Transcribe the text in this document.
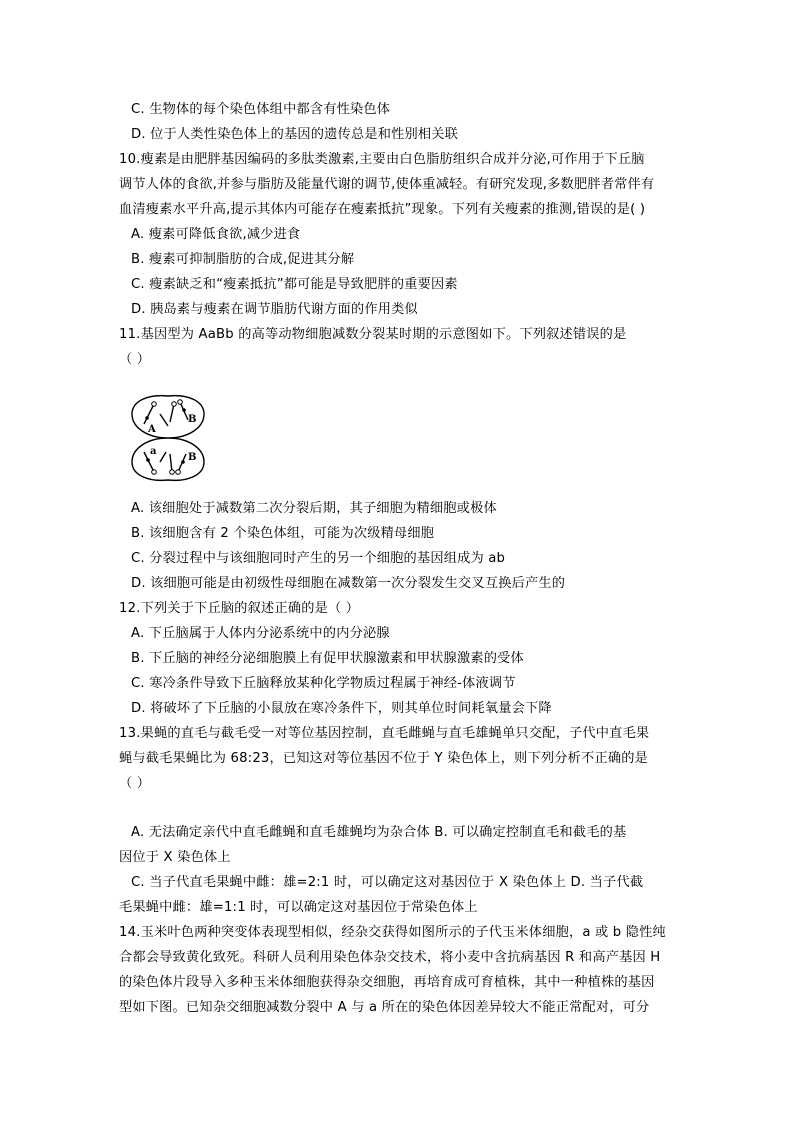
C. 生物体的每个染色体组中都含有性染色体
D. 位于人类性染色体上的基因的遗传总是和性别相关联
10.瘦素是由肥胖基因编码的多肽类激素,主要由白色脂肪组织合成并分泌,可作用于下丘脑
调节人体的食欲,并参与脂肪及能量代谢的调节,使体重减轻。有研究发现,多数肥胖者常伴有
血清瘦素水平升高,提示其体内可能存在瘦素抵抗”现象。下列有关瘦素的推测,错误的是( )
A. 瘦素可降低食欲,减少进食
B. 瘦素可抑制脂肪的合成,促进其分解
C. 瘦素缺乏和“瘦素抵抗”都可能是导致肥胖的重要因素
D. 胰岛素与瘦素在调节脂肪代谢方面的作用类似
11.基因型为 AaBb 的高等动物细胞减数分裂某时期的示意图如下。下列叙述错误的是
（ ）
A
a
B
B
A. 该细胞处于减数第二次分裂后期，其子细胞为精细胞或极体
B. 该细胞含有 2 个染色体组，可能为次级精母细胞
C. 分裂过程中与该细胞同时产生的另一个细胞的基因组成为 ab
D. 该细胞可能是由初级性母细胞在减数第一次分裂发生交叉互换后产生的
12.下列关于下丘脑的叙述正确的是（ ）
A. 下丘脑属于人体内分泌系统中的内分泌腺
B. 下丘脑的神经分泌细胞膜上有促甲状腺激素和甲状腺激素的受体
C. 寒冷条件导致下丘脑释放某种化学物质过程属于神经-体液调节
D. 将破坏了下丘脑的小鼠放在寒冷条件下，则其单位时间耗氧量会下降
13.果蝇的直毛与截毛受一对等位基因控制，直毛雌蝇与直毛雄蝇单只交配，子代中直毛果
蝇与截毛果蝇比为 68:23，已知这对等位基因不位于 Y 染色体上，则下列分析不正确的是
（ ）
A. 无法确定亲代中直毛雌蝇和直毛雄蝇均为杂合体 B. 可以确定控制直毛和截毛的基
因位于 X 染色体上
C. 当子代直毛果蝇中雌：雄=2:1 时，可以确定这对基因位于 X 染色体上 D. 当子代截
毛果蝇中雌：雄=1:1 时，可以确定这对基因位于常染色体上
14.玉米叶色两种突变体表现型相似，经杂交获得如图所示的子代玉米体细胞，a 或 b 隐性纯
合都会导致黄化致死。科研人员利用染色体杂交技术，将小麦中含抗病基因 R 和高产基因 H
的染色体片段导入多种玉米体细胞获得杂交细胞，再培育成可育植株，其中一种植株的基因
型如下图。已知杂交细胞减数分裂中 A 与 a 所在的染色体因差异较大不能正常配对，可分
